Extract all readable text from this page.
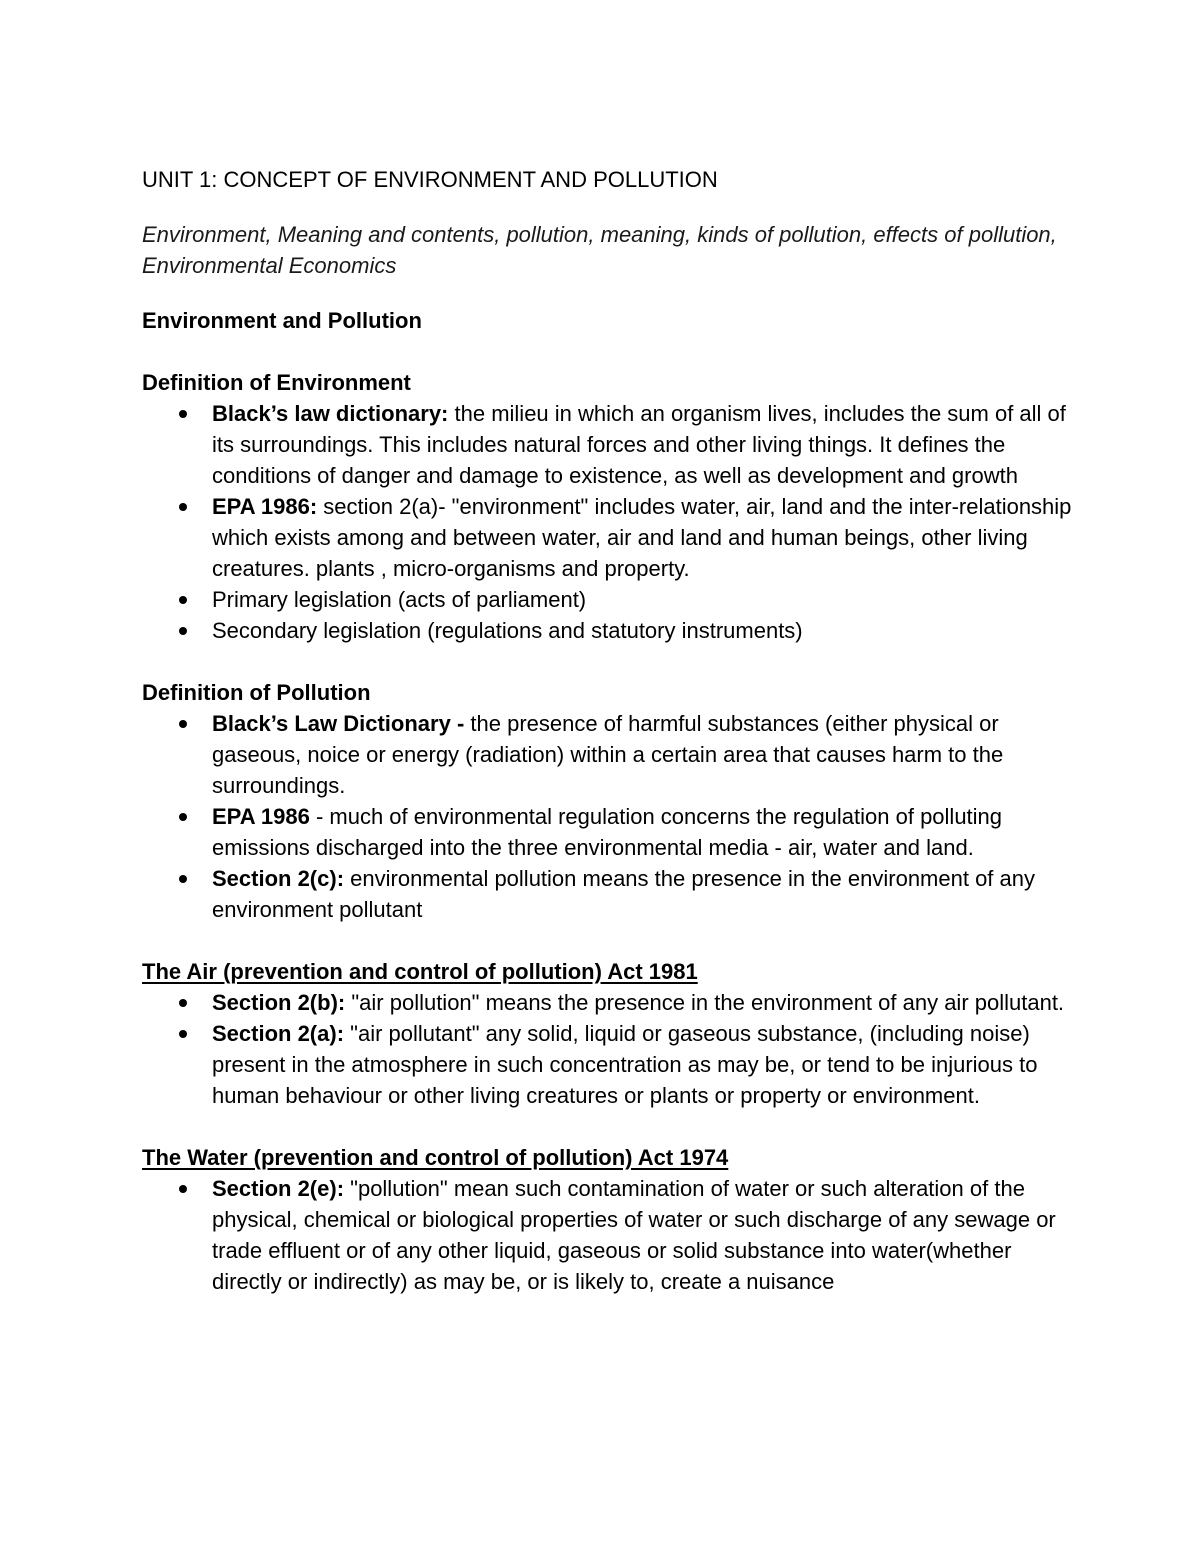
UNIT 1: CONCEPT OF ENVIRONMENT AND POLLUTION

Environment, Meaning and contents, pollution, meaning, kinds of pollution, effects of pollution, Environmental Economics

Environment and Pollution

Definition of Environment

Black’s law dictionary: the milieu in which an organism lives, includes the sum of all of its surroundings. This includes natural forces and other living things. It defines the conditions of danger and damage to existence, as well as development and growth
EPA 1986: section 2(a)- "environment" includes water, air, land and the inter-relationship which exists among and between water, air and land and human beings, other living creatures. plants , micro-organisms and property.
Primary legislation (acts of parliament)
Secondary legislation (regulations and statutory instruments)

Definition of Pollution

Black’s Law Dictionary - the presence of harmful substances (either physical or gaseous, noice or energy (radiation) within a certain area that causes harm to the surroundings.
EPA 1986 - much of environmental regulation concerns the regulation of polluting emissions discharged into the three environmental media - air, water and land.
Section 2(c): environmental pollution means the presence in the environment of any environment pollutant

The Air (prevention and control of pollution) Act 1981

Section 2(b): "air pollution" means the presence in the environment of any air pollutant.
Section 2(a): "air pollutant" any solid, liquid or gaseous substance, (including noise) present in the atmosphere in such concentration as may be, or tend to be injurious to human behaviour or other living creatures or plants or property or environment.

The Water (prevention and control of pollution) Act 1974

Section 2(e): "pollution" mean such contamination of water or such alteration of the physical, chemical or biological properties of water or such discharge of any sewage or trade effluent or of any other liquid, gaseous or solid substance into water(whether directly or indirectly) as may be, or is likely to, create a nuisance
